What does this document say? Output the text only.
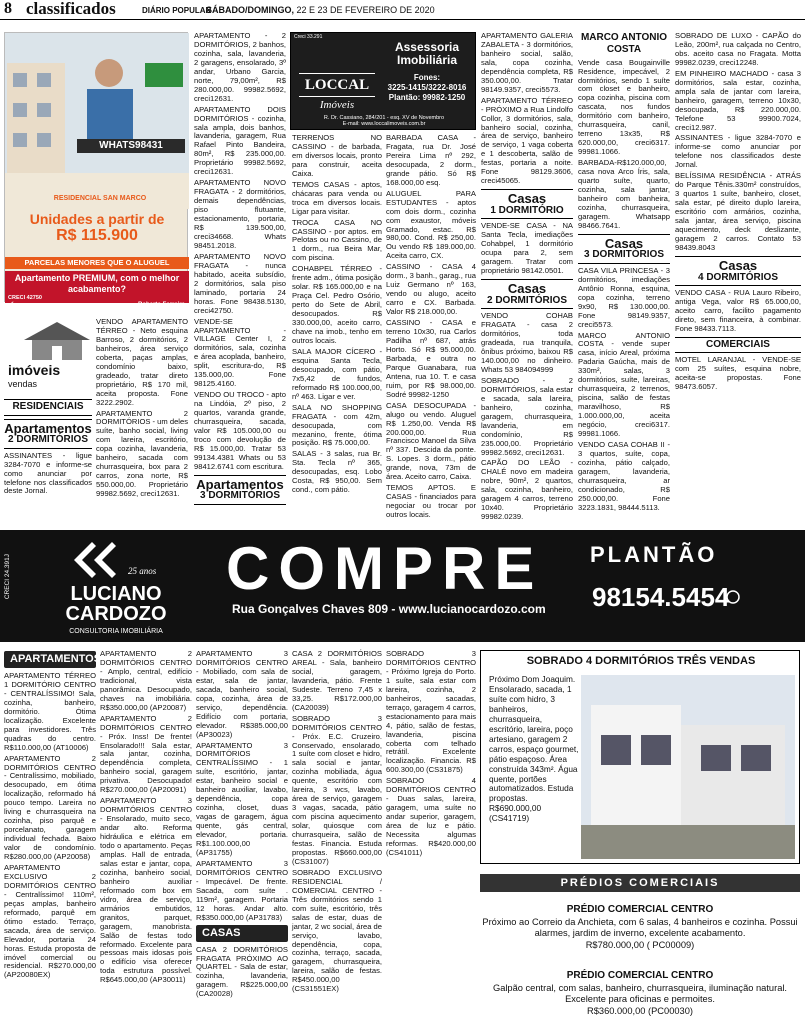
8 classificados	DIÁRIO POPULAR
SÁBADO/DOMINGO, 22 E 23 DE FEVEREIRO DE 2020
WHATS98431
RESIDENCIAL SAN MARCO
Unidades a partir de
R$ 115.900
PARCELAS MENORES QUE O ALUGUEL
Apartamento PREMIUM, com o melhor acabamento?
CRECI 42750
É a QUALIDADE	Roberto Ferreira
imóveis
vendas

VENDO APARTAMENTO TÉRREO - Neto esquina Barroso, 2 dormitórios, 2 banheiros, área serviço coberta, paças amplas, condomínio baixo, gradeado, tratar direto proprietário, R$ 170 mil, aceita proposta. Fone 3222.2902.

APARTAMENTO 2 DORMITÓRIOS - um deles suíte, banho social, living com lareira, escritório, copa cozinha, lavanderia, banheiro, sacada com churrasqueira, box para 2 carros, zona norte, R$ 550.000,00. Proprietário 99982.5692, creci12631.

RESIDENCIAIS
Apartamentos
2 DORMITÓRIOS

ASSINANTES - ligue 3284-7070 e informe-se como anunciar por telefone nos classificados deste Jornal.

APARTAMENTO - 2 DORMITÓRIOS, 2 banhos, cozinha, sala, lavanderia, 2 garagens, ensolarado, 3º andar, Urbano Garcia, norte, 79,00m², R$ 280.000,00. 99982.5692, creci12631.

APARTAMENTO DOIS DORMITÓRIOS - cozinha, sala ampla, dois banhos, lavanderia, garagem, Rua Rafael Pinto Bandeira, 80m², R$ 235.000,00. Proprietário 99982.5692, creci12631.

APARTAMENTO NOVO FRAGATA - 2 dormitórios, demais dependências, piso flutuante, estacionamento, portaria, R$ 139.500,00, creci34668. Whats 98451.2018.

APARTAMENTO NOVO FRAGATA - nunca habitado, aceita subsídio, 2 dormitórios, sala piso laminado, portaria 24 horas. Fone 98438.5130, creci42750.

VENDE-SE APARTAMENTO - VILLAGE Center I, 2 dormitórios, sala, cozinha e área acoplada, banheiro, split, escritura-do, R$ 135.000,00. Fone 98125.4160.

VENDO OU TROCO - apto na Lindóia, 2º piso, 2 quartos, varanda grande, churrasqueira, sacada, valor R$ 105.000,00 ou troco com devolução de R$ 15.000,00. Tratar 53 99134.4381 Whats ou 53 98412.6741 com escritura.

Apartamentos
3 DORMITÓRIOS
Creci 33.291
LOCCAL
Imóveis
Assessoria Imobiliária
Fones:
3225-1415/3222-8016
Plantão: 99982-1250
R. Dr. Cassiano, 284/201 - esq. XV de Novembro
E-mail: www.loccalimoveis.com.br

TERRENOS NO CASSINO - de barbada, em diversos locais, pronto para construir, aceita Caixa.

TEMOS CASAS - aptos, chácaras para venda ou troca em diversos locais. Ligar para visitar.

TROCA CASA NO CASSINO - por aptos. em Pelotas ou no Cassino, de 1 dorm., rua Beira Mar, com piscina.

COHABPEL TÉRREO - frente adm., ótima posição solar. R$ 165.000,00 e na Praça Cel. Pedro Osório, perto do Sete de Abril, desocupados. R$ 330.000,00, aceito carro, chave na imob., tenho em outros locais.

SALA MAJOR CÍCERO - esquina Santa Tecla, desocupado, com pátio, 7x5,42 de fundos, reformado R$ 100.000,00, nº 463. Ligar e ver.

SALA NO SHOPPING FRAGATA - com 42m, desocupada, com mezanino, frente, ótima posição. R$ 75.000,00.

SALAS - 3 salas, rua Br. Sta. Tecla nº 365, desocupadas, esq. Lobo Costa, R$ 950,00. Sem cond., com pátio.

BARBADA CASA - Fragata, rua Dr. José Pereira Lima nº 292, desocupada, 2 dorm., grande pátio. Só R$ 168.000,00 esq.

ALUGUEL PARA ESTUDANTES - aptos com dois dorm., cozinha com exaustor, móveis Gramado, estac. R$ 980,00. Cond. R$ 250,00. Ou vendo R$ 189.000,00. Aceita carro, CX.

CASSINO - CASA 4 dorm., 3 banh., garag., rua Luiz Germano nº 163, vendo ou alugo, aceito carro e CX. Barbada. Valor R$ 218.000,00.

CASSINO - CASA e terreno 10x30, rua Carlos Padilha nº 687, atrás Horto. Só R$ 95.000,00. Barbada, e outra no Parque Guanabara, rua Antena, rua 10. T. e casa ruim, por R$ 98.000,00. Sodré 99982-1250

CASA DESOCUPADA - alugo ou vendo. Aluguel R$ 1.250,00. Venda R$ 200.000,00. Rua Francisco Manoel da Silva nº 337. Descida da ponte. S. Lopes. 3 dorm., pátio grande, nova, 73m de área. Aceito carro, Caixa.

TEMOS APTOS. E CASAS - financiados para negociar ou trocar por outros locais.

APARTAMENTO GALERIA ZABALETA - 3 dormitórios, banheiro social, salão, sala, copa cozinha, dependência completa, R$ 350.000,00. Tratar 98149.9357, creci5573.

APARTAMENTO TÉRREO - PRÓXIMO a Rua Lindolfo Collor, 3 dormitórios, sala, banheiro social, cozinha, área de serviço, banheiro de serviço, 1 vaga coberta e 1 descoberta, salão de festas, portaria a noite. Fone 98129.3606, creci45065.

Casas
1 DORMITÓRIO

VENDE-SE CASA - NA Santa Tecla, imediações Cohabpel, 1 dormitório ocupa para 2, sem garagem. Tratar com proprietário 98142.0501.

Casas
2 DORMITÓRIOS

VENDO COHAB FRAGATA - casa 2 dormitórios, toda gradeada, rua tranquila, ônibus próximo, baixou R$ 140.000,00 no dinheiro. Whats 53 984094999

SOBRADO - 2 DORMITÓRIOS, sala estar e sacada, sala lareira, banheiro, cozinha, garagem, churrasqueira, lavanderia, em condomínio, R$ 235.000,00. Proprietário 99982.5692, creci12631.

CAPÃO DO LEÃO - CHALÉ novo em madeira nobre, 90m², 2 quartos, sala, cozinha, banheiro, garagem 4 carros, terreno 10x40. Proprietário 99982.0239.

MARCO ANTONIO COSTA

Vende casa Bougainville Residence, impecável, 2 dormitórios, sendo 1 suíte com closet e banheiro, copa cozinha, piscina com cascata, nos fundos dormitório com banheiro, churrasqueira, canil, terreno 13x35, R$ 620.000,00, creci6317. 99981.1066.

BARBADA-R$120.000,00, casa nova Arco Íris, sala, quarto suíte, quarto, cozinha, sala jantar, banheiro com banheira, cozinha, churrasqueira, garagem. Whatsapp 98466.7641.

Casas
3 DORMITÓRIOS

CASA VILA PRINCESA - 3 dormitórios, imediações Antônio Ronna, esquina, copa cozinha, terreno 9x90, R$ 130.000,00. Fone 98149.9357, creci5573.

MARCO ANTONIO COSTA - vende super casa, início Areal, próxima Padaria Gaúcha, mais de 330m², salas, 3 dormitórios, suíte, lareiras, churrasqueira, 2 terrenos, piscina, salão de festas maravilhoso, R$ 1.000.000,00, aceita negócio, creci6317. 99981.1066.

VENDO CASA COHAB II - 3 quartos, suíte, copa, cozinha, pátio calçado, garagem, lavanderia, churrasqueira, ar condicionado, R$ 250.000,00. Fone 3223.1831, 98444.5113.

SOBRADO DE LUXO - CAPÃO do Leão, 200m², rua calçada no Centro, obs. aceito casa no Fragata. Motta 99982.0239, creci12248.

EM PINHEIRO MACHADO - casa 3 dormitórios, sala estar, cozinha, ampla sala de jantar com lareira, banheiro, garagem, terreno 10x30, desocupada, R$ 220.000,00. Telefone 53 99900.7024, creci12.987.

ASSINANTES - ligue 3284-7070 e informe-se como anunciar por telefone nos classificados deste Jornal.

BELÍSSIMA RESIDÊNCIA - ATRÁS do Parque Tênis.330m² construídos, 3 quartos 1 suíte, banheiro, closet, sala estar, pé direito duplo lareira, escritório com armários, cozinha, sala jantar, área serviço, piscina aquecimento, deck deslizante, garagem 2 carros. Contato 53 98439.8043

Casas
4 DORMITÓRIOS

VENDO CASA - RUA Lauro Ribeiro, antiga Vega, valor R$ 65.000,00, aceito carro, facilito pagamento direto, sem financeira, à combinar. Fone 98433.7113.

COMERCIAIS

MOTEL LARANJAL - VENDE-SE com 25 suítes, esquina nobre, aceita-se propostas. Fone 98473.6057.

CRECI 24.391J	25 anos
LUCIANO CARDOZO
CONSULTORIA IMOBILIÁRIA
COMPRE
Rua Gonçalves Chaves 809 - www.lucianocardozo.com
PLANTÃO
98154.5454
APARTAMENTOS

APARTAMENTO TÉRREO 1 DORMITÓRIO CENTRO - CENTRALÍSSIMO! Sala, cozinha, banheiro, dormitório. Ótima localização. Excelente para investidores. Três quadras do centro. R$110.000,00 (AT10006)

APARTAMENTO 2 DORMITÓRIOS CENTRO - Centralíssimo, mobiliado, desocupado, em ótima localização, reformado há pouco tempo. Lareira no living e churrasqueira na cozinha, piso parquê e porcelanato, garagem individual fechada. Baixo valor de condomínio. R$280.000,00 (AP20058)

APARTAMENTO EXCLUSIVO 2 DORMITÓRIOS CENTRO - Centralíssimo! 110m², peças amplas, banheiro reformado, parquê em ótimo estado. Terraço, sacada, área de serviço. Elevador, portaria 24 horas. Estuda proposta de imóvel comercial ou residencial. R$270.000,00 (AP20080EX)

APARTAMENTO 2 DORMITÓRIOS CENTRO - Amplo, central, edifício tradicional, vista panorâmica. Desocupado, chaves na imobiliária. R$350.000,00 (AP20087)

APARTAMENTO 2 DORMITÓRIOS CENTRO - Próx. Inss! De frente! Ensolarado!!! Sala estar, sala jantar, cozinha, dependência completa, banheiro social, garagem privativa. Desocupado! R$270.000,00 (AP20091)

APARTAMENTO 3 DORMITÓRIOS CENTRO - Ensolarado, muito seco, andar alto. Reforma hidráulica e elétrica em todo o apartamento. Peças amplas. Hall de entrada, salas estar e jantar, copa, cozinha, banheiro social, banheiro auxiliar reformado com box em vidro, área de serviço, armários embutidos, granitos, parquet, garagem, manobrista. Salão de festas todo reformado. Excelente para pessoas mais idosas pois o edifício visa oferecer toda estrutura possível. R$645.000,00 (AP30011)

APARTAMENTO 3 DORMITÓRIOS CENTRO - Mobiliado, com sala de estar, sala de jantar, sacada, banheiro social, copa, cozinha, área de serviço, dependência. Edifício com portaria, elevador. R$385.000,00 (AP30023)

APARTAMENTO 3 DORMITÓRIOS CENTRALÍSSIMO - 1 suíte, escritório, jantar, estar, banheiro social e banheiro auxiliar, lavabo, dependência, copa cozinha, closet, duas vagas de garagem, água quente, gás central, elevador, portaria. R$1.100.000,00 (AP31755)

APARTAMENTO 3 DORMITÓRIOS CENTRO - Impecável. De frente. Sacada, com suíte . 119m², garagem. Portaria 12 horas. Andar alto. R$350.000,00 (AP31783)

CASAS

CASA 2 DORMITÓRIOS FRAGATA PRÓXIMO AO QUARTEL - Sala de estar, cozinha, lavanderia, garagem. R$225.000,00 (CA20028)

CASA 2 DORMITÓRIOS AREAL - Sala, banheiro social, garagem, lavanderia, pátio. Frente Sudeste. Terreno 7,45 x 33,25. R$172.000,00 (CA20039)

SOBRADO 3 DORMITÓRIOS CENTRO - Próx. E.C. Cruzeiro. Conservado, ensolarado, 1 suíte com closet e hidro, sala social e jantar, cozinha mobiliada, água quente, escritório com lareira, 3 wcs, lavabo, área de serviço, garagem 3 vagas, sacada, pátio com piscina aquecimento solar, quiosque com churrasqueira, salão de festas. Financia. Estuda propostas. R$660.000,00 (CS31007)

SOBRADO EXCLUSIVO RESIDENCIAL / COMERCIAL CENTRO - Três dormitórios sendo 1 com suíte, escritório, três salas de estar, duas de jantar, 2 wc social, área de serviço, lavabo, dependência, copa, cozinha, terraço, sacada, garagem, churrasqueira, lareira, salão de festas. R$450.000,00 (CS31551EX)

SOBRADO 3 DORMITÓRIOS CENTRO - Próximo Igreja do Porto. 1 suíte, sala estar com lareira, cozinha, 2 banheiros, sacadas, terraço, garagem 4 carros, estacionamento para mais 4, pátio, salão de festas, lavanderia, piscina coberta com telhado retrátil. Excelente localização. Financia. R$ 600.300,00 (CS31875)

SOBRADO 4 DORMITÓRIOS CENTRO - Duas salas, lareira, garagem, uma suíte no andar superior, garagem, área de luz e pátio. Necessita algumas reformas. R$420.000,00 (CS41011)

SOBRADO 4 DORMITÓRIOS TRÊS VENDAS
Próximo Dom Joaquim. Ensolarado, sacada, 1 suíte com hidro, 3 banheiros, churrasqueira, escritório, lareira, poço artesiano, garagem 2 carros, espaço gourmet, pátio espaçoso. Área construída 343m². Água quente, portões automatizados. Estuda propostas. R$690.000,00 (CS41719)
PRÉDIOS COMERCIAIS
PRÉDIO COMERCIAL CENTRO
Próximo ao Correio da Anchieta, com 6 salas, 4 banheiros e cozinha. Possui alarmes, jardim de inverno, excelente acabamento.
R$780.000,00 ( PC00009)
PRÉDIO COMERCIAL CENTRO
Galpão central, com salas, banheiro, churrasqueira, iluminação natural. Excelente para oficinas e permoites.
R$360.000,00 (PC00030)
